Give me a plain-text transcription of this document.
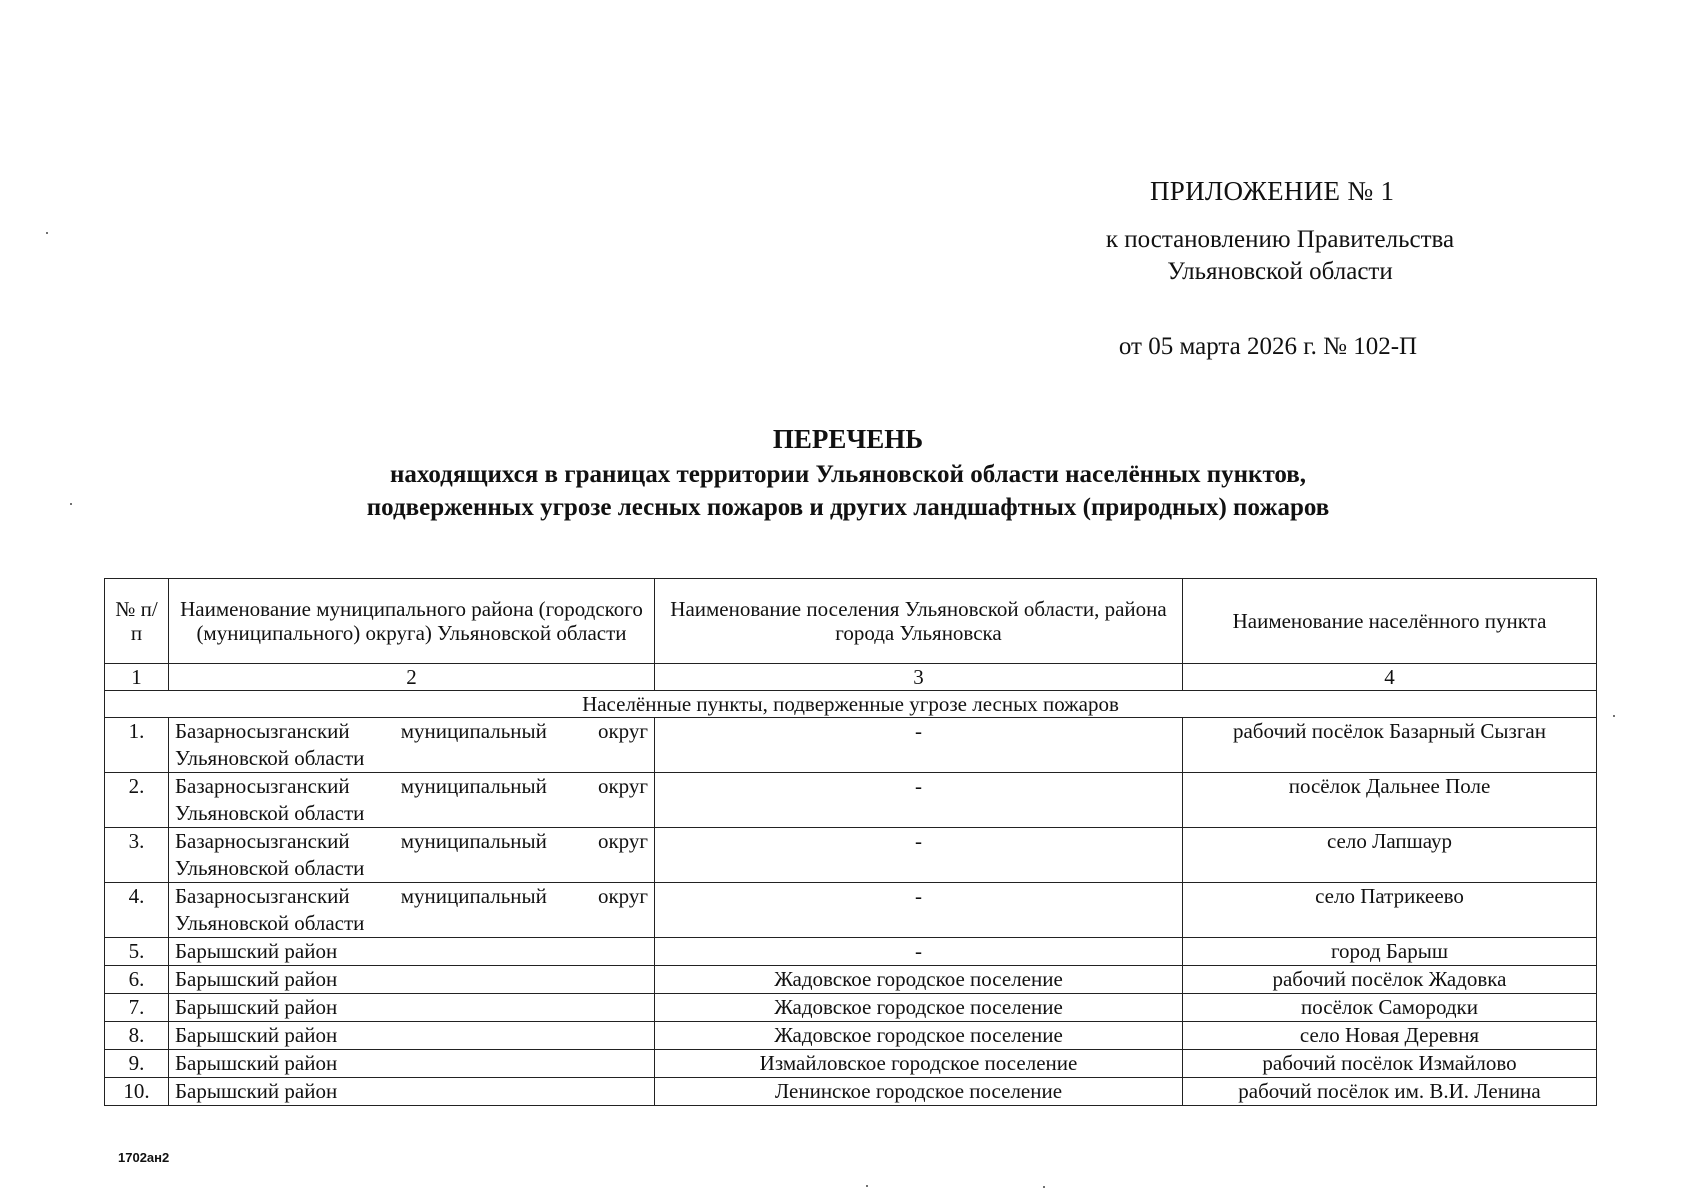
ПРИЛОЖЕНИЕ № 1
к постановлению Правительства
Ульяновской области
от 05 марта 2026 г. № 102-П
ПЕРЕЧЕНЬ
находящихся в границах территории Ульяновской области населённых пунктов,
подверженных угрозе лесных пожаров и других ландшафтных (природных) пожаров
№ п/п	Наименование муниципального района (городского (муниципального) округа) Ульяновской области	Наименование поселения Ульяновской области, района города Ульяновска	Наименование населённого пункта
1	2	3	4
Населённые пункты, подверженные угрозе лесных пожаров			
1.	Базарносызганский муниципальный округ Ульяновской области	-	рабочий посёлок Базарный Сызган
2.	Базарносызганский муниципальный округ Ульяновской области	-	посёлок Дальнее Поле
3.	Базарносызганский муниципальный округ Ульяновской области	-	село Лапшаур
4.	Базарносызганский муниципальный округ Ульяновской области	-	село Патрикеево
5.	Барышский район	-	город Барыш
6.	Барышский район	Жадовское городское поселение	рабочий посёлок Жадовка
7.	Барышский район	Жадовское городское поселение	посёлок Самородки
8.	Барышский район	Жадовское городское поселение	село Новая Деревня
9.	Барышский район	Измайловское городское поселение	рабочий посёлок Измайлово
10.	Барышский район	Ленинское городское поселение	рабочий посёлок им. В.И. Ленина
1702ан2
